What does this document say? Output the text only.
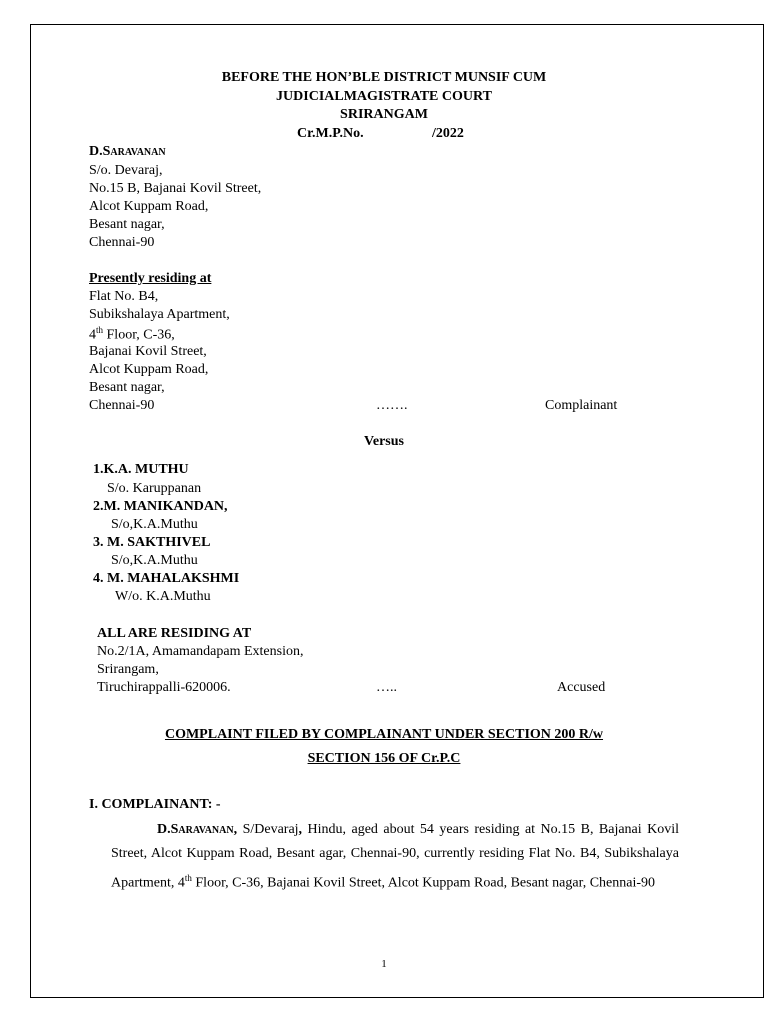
BEFORE THE HON’BLE DISTRICT MUNSIF CUM
JUDICIALMAGISTRATE COURT
SRIRANGAM
Cr.M.P.No.	/2022
D.Saravanan
S/o. Devaraj,
No.15 B, Bajanai Kovil Street,
Alcot Kuppam Road,
Besant nagar,
Chennai-90
Presently residing at
Flat No. B4,
Subikshalaya Apartment,
4th Floor, C-36,
Bajanai Kovil Street,
Alcot Kuppam Road,
Besant nagar,
Chennai-90	…….	Complainant
Versus
1.K.A. MUTHU
S/o. Karuppanan
2.M. MANIKANDAN,
S/o,K.A.Muthu
3. M. SAKTHIVEL
S/o,K.A.Muthu
4. M. MAHALAKSHMI
W/o. K.A.Muthu
ALL ARE RESIDING AT
No.2/1A, Amamandapam Extension,
Srirangam,
Tiruchirappalli-620006.	…..	Accused
COMPLAINT FILED BY COMPLAINANT UNDER SECTION 200 R/w
SECTION 156 OF Cr.P.C
I. COMPLAINANT: -
D.Saravanan, S/Devaraj, Hindu, aged about 54 years residing at No.15 B, Bajanai Kovil Street, Alcot Kuppam Road, Besant agar, Chennai-90, currently residing Flat No. B4, Subikshalaya Apartment, 4th Floor, C-36, Bajanai Kovil Street, Alcot Kuppam Road, Besant nagar, Chennai-90
1
